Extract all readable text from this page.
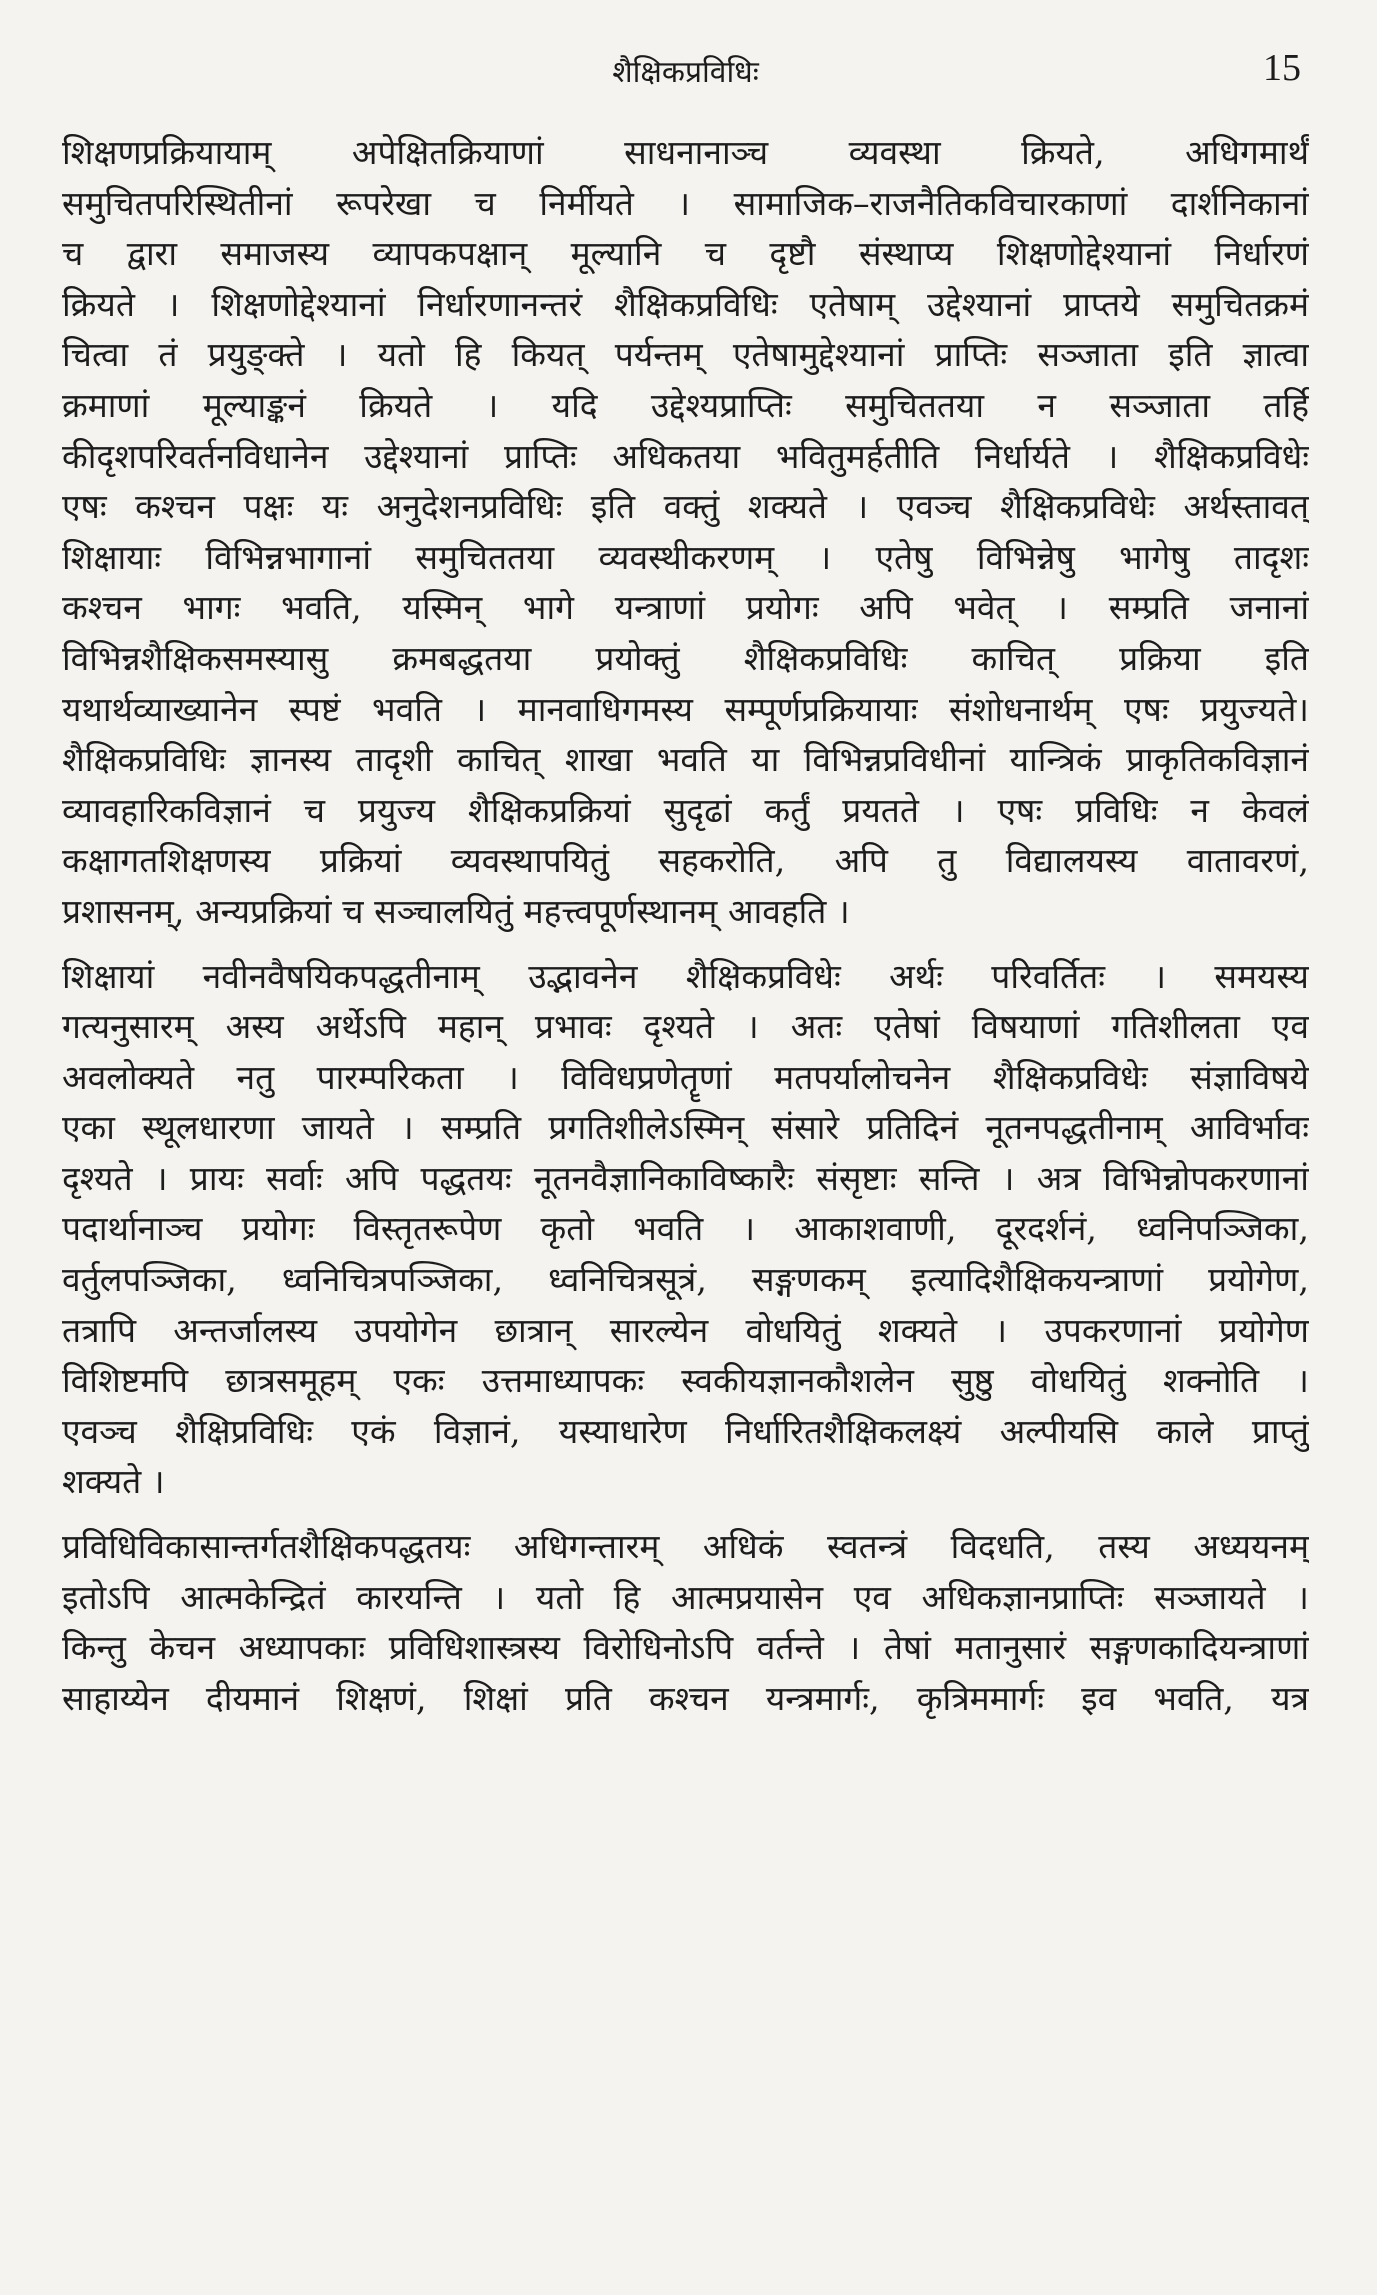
शैक्षिकप्रविधिः	15
शिक्षणप्रक्रियायाम् अपेक्षितक्रियाणां साधनानाञ्च व्यवस्था क्रियते, अधिगमार्थं
समुचितपरिस्थितीनां रूपरेखा च निर्मीयते । सामाजिक–राजनैतिकविचारकाणां दार्शनिकानां
च द्वारा समाजस्य व्यापकपक्षान् मूल्यानि च दृष्टौ संस्थाप्य शिक्षणोद्देश्यानां निर्धारणं
क्रियते । शिक्षणोद्देश्यानां निर्धारणानन्तरं शैक्षिकप्रविधिः एतेषाम् उद्देश्यानां प्राप्तये समुचितक्रमं
चित्वा तं प्रयुङ्क्ते । यतो हि कियत् पर्यन्तम् एतेषामुद्देश्यानां प्राप्तिः सञ्जाता इति ज्ञात्वा
क्रमाणां मूल्याङ्कनं क्रियते । यदि उद्देश्यप्राप्तिः समुचिततया न सञ्जाता तर्हि
कीदृशपरिवर्तनविधानेन उद्देश्यानां प्राप्तिः अधिकतया भवितुमर्हतीति निर्धार्यते । शैक्षिकप्रविधेः
एषः कश्चन पक्षः यः अनुदेशनप्रविधिः इति वक्तुं शक्यते । एवञ्च शैक्षिकप्रविधेः अर्थस्तावत्
शिक्षायाः विभिन्नभागानां समुचिततया व्यवस्थीकरणम् । एतेषु विभिन्नेषु भागेषु तादृशः
कश्चन भागः भवति, यस्मिन् भागे यन्त्राणां प्रयोगः अपि भवेत् । सम्प्रति जनानां
विभिन्नशैक्षिकसमस्यासु क्रमबद्धतया प्रयोक्तुं शैक्षिकप्रविधिः काचित् प्रक्रिया इति
यथार्थव्याख्यानेन स्पष्टं भवति । मानवाधिगमस्य सम्पूर्णप्रक्रियायाः संशोधनार्थम् एषः प्रयुज्यते।
शैक्षिकप्रविधिः ज्ञानस्य तादृशी काचित् शाखा भवति या विभिन्नप्रविधीनां यान्त्रिकं प्राकृतिकविज्ञानं
व्यावहारिकविज्ञानं च प्रयुज्य शैक्षिकप्रक्रियां सुदृढां कर्तुं प्रयतते । एषः प्रविधिः न केवलं
कक्षागतशिक्षणस्य प्रक्रियां व्यवस्थापयितुं सहकरोति, अपि तु विद्यालयस्य वातावरणं,
प्रशासनम्, अन्यप्रक्रियां च सञ्चालयितुं महत्त्वपूर्णस्थानम् आवहति ।
शिक्षायां नवीनवैषयिकपद्धतीनाम् उद्भावनेन शैक्षिकप्रविधेः अर्थः परिवर्तितः । समयस्य
गत्यनुसारम् अस्य अर्थेऽपि महान् प्रभावः दृश्यते । अतः एतेषां विषयाणां गतिशीलता एव
अवलोक्यते नतु पारम्परिकता । विविधप्रणेतॄणां मतपर्यालोचनेन शैक्षिकप्रविधेः संज्ञाविषये
एका स्थूलधारणा जायते । सम्प्रति प्रगतिशीलेऽस्मिन् संसारे प्रतिदिनं नूतनपद्धतीनाम् आविर्भावः
दृश्यते । प्रायः सर्वाः अपि पद्धतयः नूतनवैज्ञानिकाविष्कारैः संसृष्टाः सन्ति । अत्र विभिन्नोपकरणानां
पदार्थानाञ्च प्रयोगः विस्तृतरूपेण कृतो भवति । आकाशवाणी, दूरदर्शनं, ध्वनिपञ्जिका,
वर्तुलपञ्जिका, ध्वनिचित्रपञ्जिका, ध्वनिचित्रसूत्रं, सङ्गणकम् इत्यादिशैक्षिकयन्त्राणां प्रयोगेण,
तत्रापि अन्तर्जालस्य उपयोगेन छात्रान् सारल्येन वोधयितुं शक्यते । उपकरणानां प्रयोगेण
विशिष्टमपि छात्रसमूहम् एकः उत्तमाध्यापकः स्वकीयज्ञानकौशलेन सुष्ठु वोधयितुं शक्नोति ।
एवञ्च शैक्षिप्रविधिः एकं विज्ञानं, यस्याधारेण निर्धारितशैक्षिकलक्ष्यं अल्पीयसि काले प्राप्तुं
शक्यते ।
प्रविधिविकासान्तर्गतशैक्षिकपद्धतयः अधिगन्तारम् अधिकं स्वतन्त्रं विदधति, तस्य अध्ययनम्
इतोऽपि आत्मकेन्द्रितं कारयन्ति । यतो हि आत्मप्रयासेन एव अधिकज्ञानप्राप्तिः सञ्जायते ।
किन्तु केचन अध्यापकाः प्रविधिशास्त्रस्य विरोधिनोऽपि वर्तन्ते । तेषां मतानुसारं सङ्गणकादियन्त्राणां
साहाय्येन दीयमानं शिक्षणं, शिक्षां प्रति कश्चन यन्त्रमार्गः, कृत्रिममार्गः इव भवति, यत्र
